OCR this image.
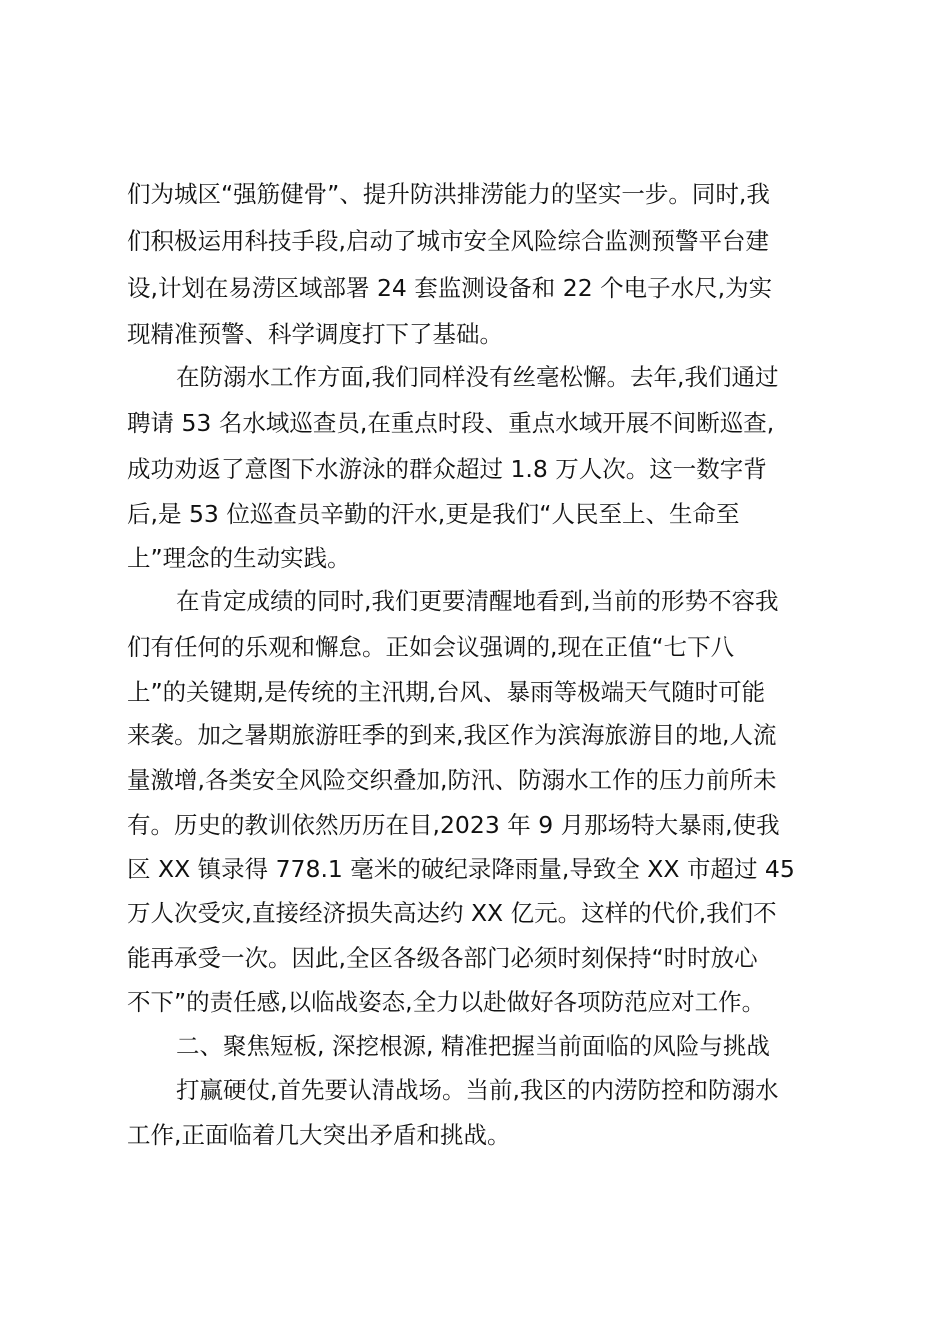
们为城区“强筋健骨”、提升防洪排涝能力的坚实一步。同时,我
们积极运用科技手段,启动了城市安全风险综合监测预警平台建
设,计划在易涝区域部署 24 套监测设备和 22 个电子水尺,为实
现精准预警、科学调度打下了基础。
在防溺水工作方面,我们同样没有丝毫松懈。去年,我们通过
聘请 53 名水域巡查员,在重点时段、重点水域开展不间断巡查,
成功劝返了意图下水游泳的群众超过 1.8 万人次。这一数字背
后,是 53 位巡查员辛勤的汗水,更是我们“人民至上、生命至
上”理念的生动实践。
在肯定成绩的同时,我们更要清醒地看到,当前的形势不容我
们有任何的乐观和懈怠。正如会议强调的,现在正值“七下八
上”的关键期,是传统的主汛期,台风、暴雨等极端天气随时可能
来袭。加之暑期旅游旺季的到来,我区作为滨海旅游目的地,人流
量激增,各类安全风险交织叠加,防汛、防溺水工作的压力前所未
有。历史的教训依然历历在目,2023 年 9 月那场特大暴雨,使我
区 XX 镇录得 778.1 毫米的破纪录降雨量,导致全 XX 市超过 45
万人次受灾,直接经济损失高达约 XX 亿元。这样的代价,我们不
能再承受一次。因此,全区各级各部门必须时刻保持“时时放心
不下”的责任感,以临战姿态,全力以赴做好各项防范应对工作。
二、聚焦短板, 深挖根源, 精准把握当前面临的风险与挑战
打赢硬仗,首先要认清战场。当前,我区的内涝防控和防溺水
工作,正面临着几大突出矛盾和挑战。
